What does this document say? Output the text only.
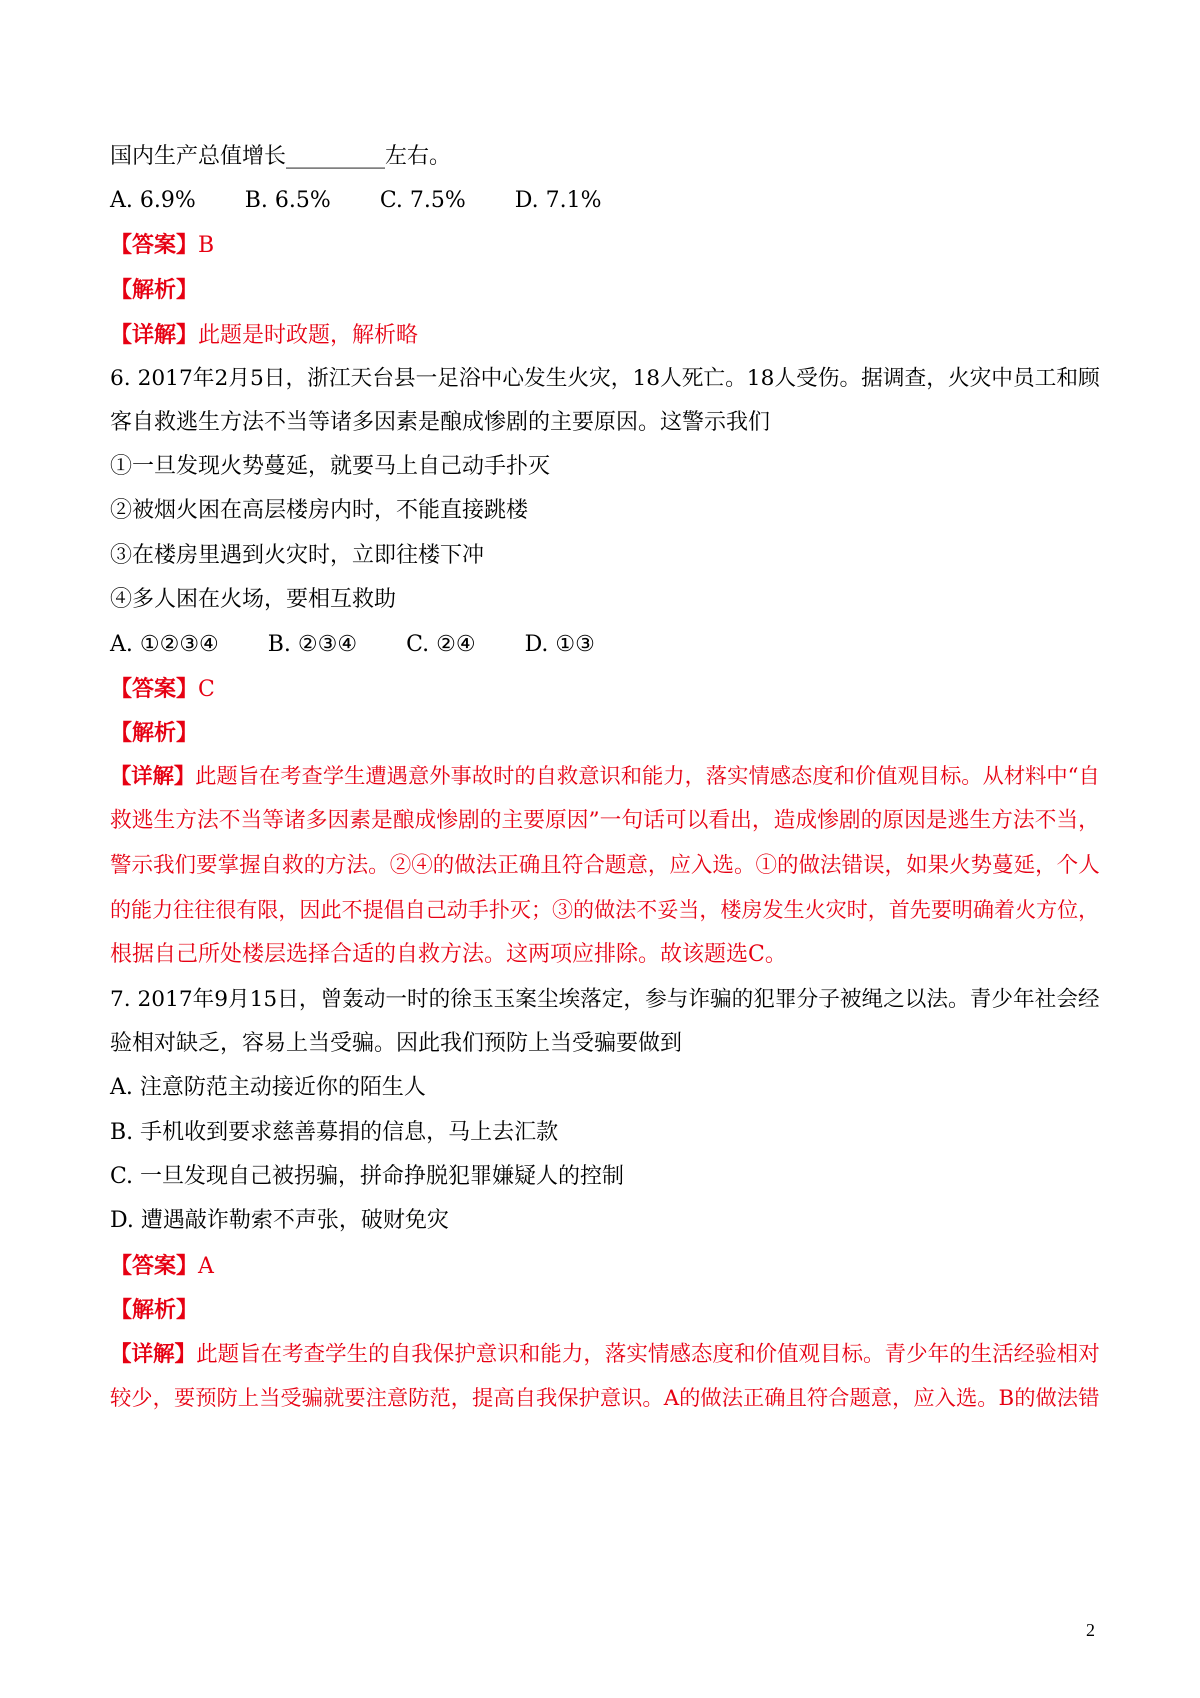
国内生产总值增长_________左右。
A. 6.9% B. 6.5% C. 7.5% D. 7.1%
【答案】B
【解析】
【详解】此题是时政题，解析略
6. 2017年2月5日，浙江天台县一足浴中心发生火灾，18人死亡。18人受伤。据调查，火灾中员工和顾
客自救逃生方法不当等诸多因素是酿成惨剧的主要原因。这警示我们
①一旦发现火势蔓延，就要马上自己动手扑灭
②被烟火困在高层楼房内时，不能直接跳楼
③在楼房里遇到火灾时，立即往楼下冲
④多人困在火场，要相互救助
A. ①②③④ B. ②③④ C. ②④ D. ①③
【答案】C
【解析】
【详解】此题旨在考查学生遭遇意外事故时的自救意识和能力，落实情感态度和价值观目标。从材料中“自
救逃生方法不当等诸多因素是酿成惨剧的主要原因”一句话可以看出，造成惨剧的原因是逃生方法不当，
警示我们要掌握自救的方法。②④的做法正确且符合题意，应入选。①的做法错误，如果火势蔓延，个人
的能力往往很有限，因此不提倡自己动手扑灭；③的做法不妥当，楼房发生火灾时，首先要明确着火方位，
根据自己所处楼层选择合适的自救方法。这两项应排除。故该题选C。
7. 2017年9月15日，曾轰动一时的徐玉玉案尘埃落定，参与诈骗的犯罪分子被绳之以法。青少年社会经
验相对缺乏，容易上当受骗。因此我们预防上当受骗要做到
A. 注意防范主动接近你的陌生人
B. 手机收到要求慈善募捐的信息，马上去汇款
C. 一旦发现自己被拐骗，拼命挣脱犯罪嫌疑人的控制
D. 遭遇敲诈勒索不声张，破财免灾
【答案】A
【解析】
【详解】此题旨在考查学生的自我保护意识和能力，落实情感态度和价值观目标。青少年的生活经验相对
较少，要预防上当受骗就要注意防范，提高自我保护意识。A的做法正确且符合题意，应入选。B的做法错
2
